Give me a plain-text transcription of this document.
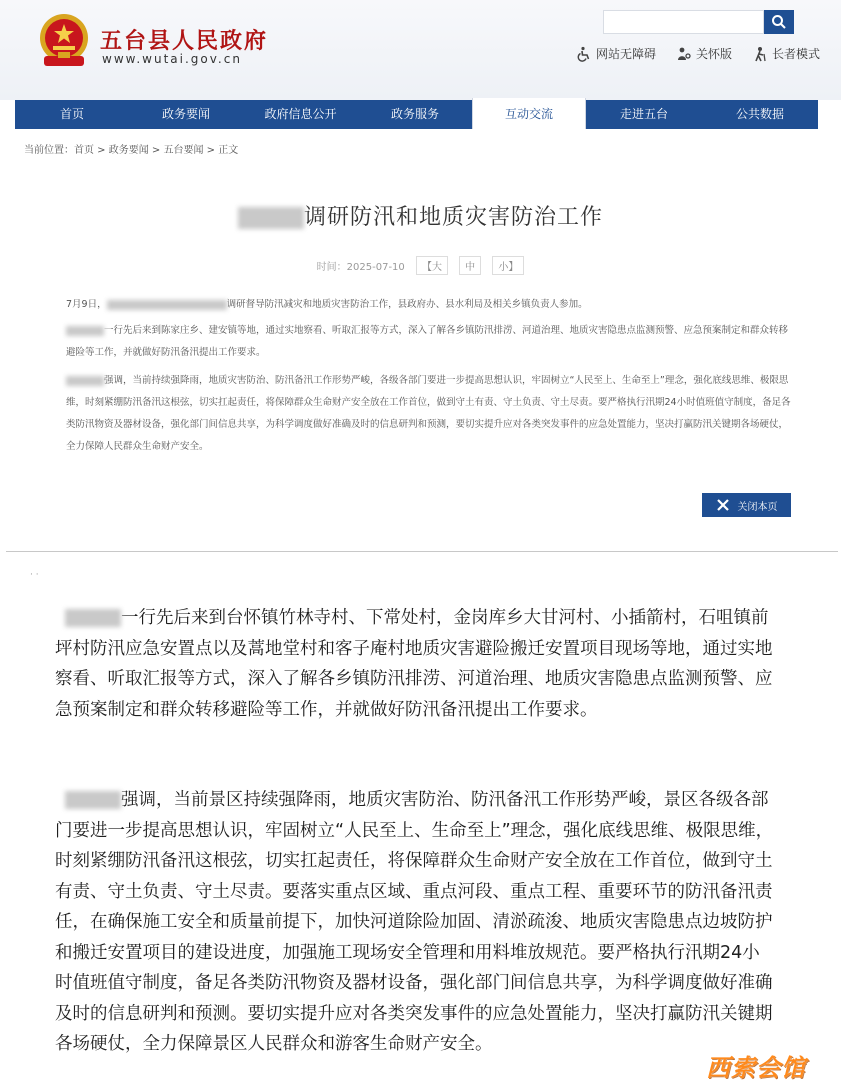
五台县人民政府
www.wutai.gov.cn	网站无障碍	关怀版	长者模式
首页	政务要闻	政府信息公开	政务服务	互动交流	走进五台	公共数据
当前位置：首页 > 政务要闻 > 五台要闻 > 正文
调研防汛和地质灾害防治工作
时间：2025-07-10 【大 中 小】

7月9日，	调研督导防汛减灾和地质灾害防治工作，县政府办、县水利局及相关乡镇负责人参加。

一行先后来到陈家庄乡、建安镇等地，通过实地察看、听取汇报等方式，深入了解各乡镇防汛排涝、河道治理、地质灾害隐患点监测预警、应急预案制定和群众转移避险等工作，并就做好防汛备汛提出工作要求。

强调，当前持续强降雨，地质灾害防治、防汛备汛工作形势严峻，各级各部门要进一步提高思想认识，牢固树立“人民至上、生命至上”理念，强化底线思维、极限思维，时刻紧绷防汛备汛这根弦，切实扛起责任，将保障群众生命财产安全放在工作首位，做到守土有责、守土负责、守土尽责。要严格执行汛期24小时值班值守制度，备足各类防汛物资及器材设备，强化部门间信息共享，为科学调度做好准确及时的信息研判和预测，要切实提升应对各类突发事件的应急处置能力，坚决打赢防汛关键期各场硬仗，全力保障人民群众生命财产安全。

关闭本页
· ·

一行先后来到台怀镇竹林寺村、下常处村，金岗库乡大甘河村、小插箭村，石咀镇前坪村防汛应急安置点以及蒿地堂村和客子庵村地质灾害避险搬迁安置项目现场等地，通过实地察看、听取汇报等方式，深入了解各乡镇防汛排涝、河道治理、地质灾害隐患点监测预警、应急预案制定和群众转移避险等工作，并就做好防汛备汛提出工作要求。

强调，当前景区持续强降雨，地质灾害防治、防汛备汛工作形势严峻，景区各级各部门要进一步提高思想认识，牢固树立“人民至上、生命至上”理念，强化底线思维、极限思维，时刻紧绷防汛备汛这根弦，切实扛起责任，将保障群众生命财产安全放在工作首位，做到守土有责、守土负责、守土尽责。要落实重点区域、重点河段、重点工程、重要环节的防汛备汛责任，在确保施工安全和质量前提下，加快河道除险加固、清淤疏浚、地质灾害隐患点边坡防护和搬迁安置项目的建设进度，加强施工现场安全管理和用料堆放规范。要严格执行汛期24小时值班值守制度，备足各类防汛物资及器材设备，强化部门间信息共享，为科学调度做好准确及时的信息研判和预测。要切实提升应对各类突发事件的应急处置能力，坚决打赢防汛关键期各场硬仗，全力保障景区人民群众和游客生命财产安全。

西索会馆
